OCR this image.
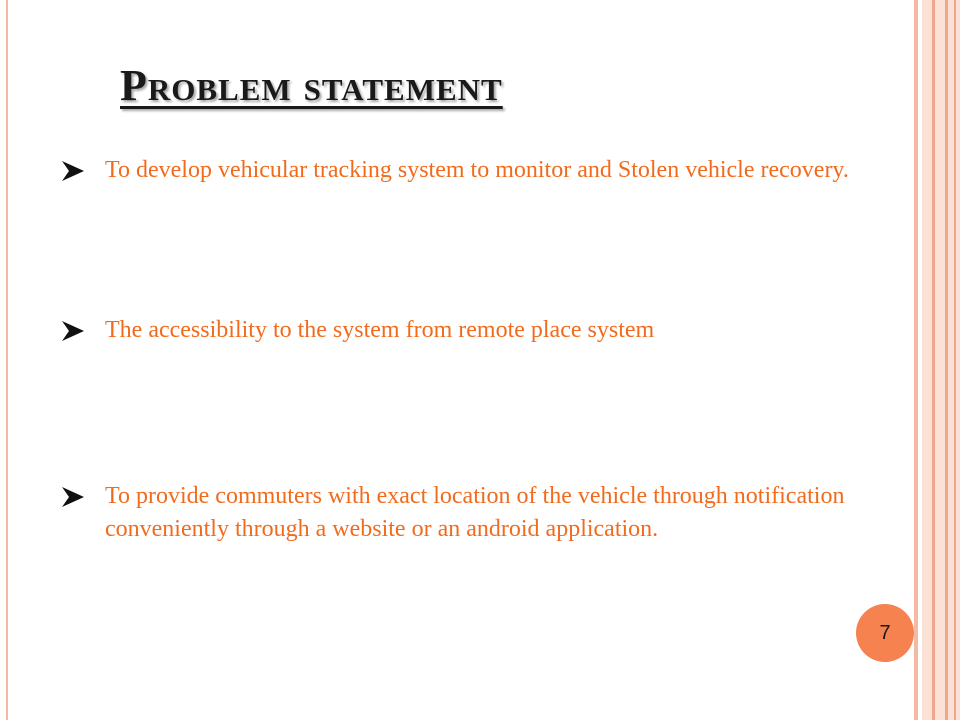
Problem statement
To develop vehicular tracking system to monitor and Stolen vehicle recovery.
The accessibility to the system from remote place system
To provide commuters with exact location of the vehicle through notification conveniently through a website or an android application.
7
